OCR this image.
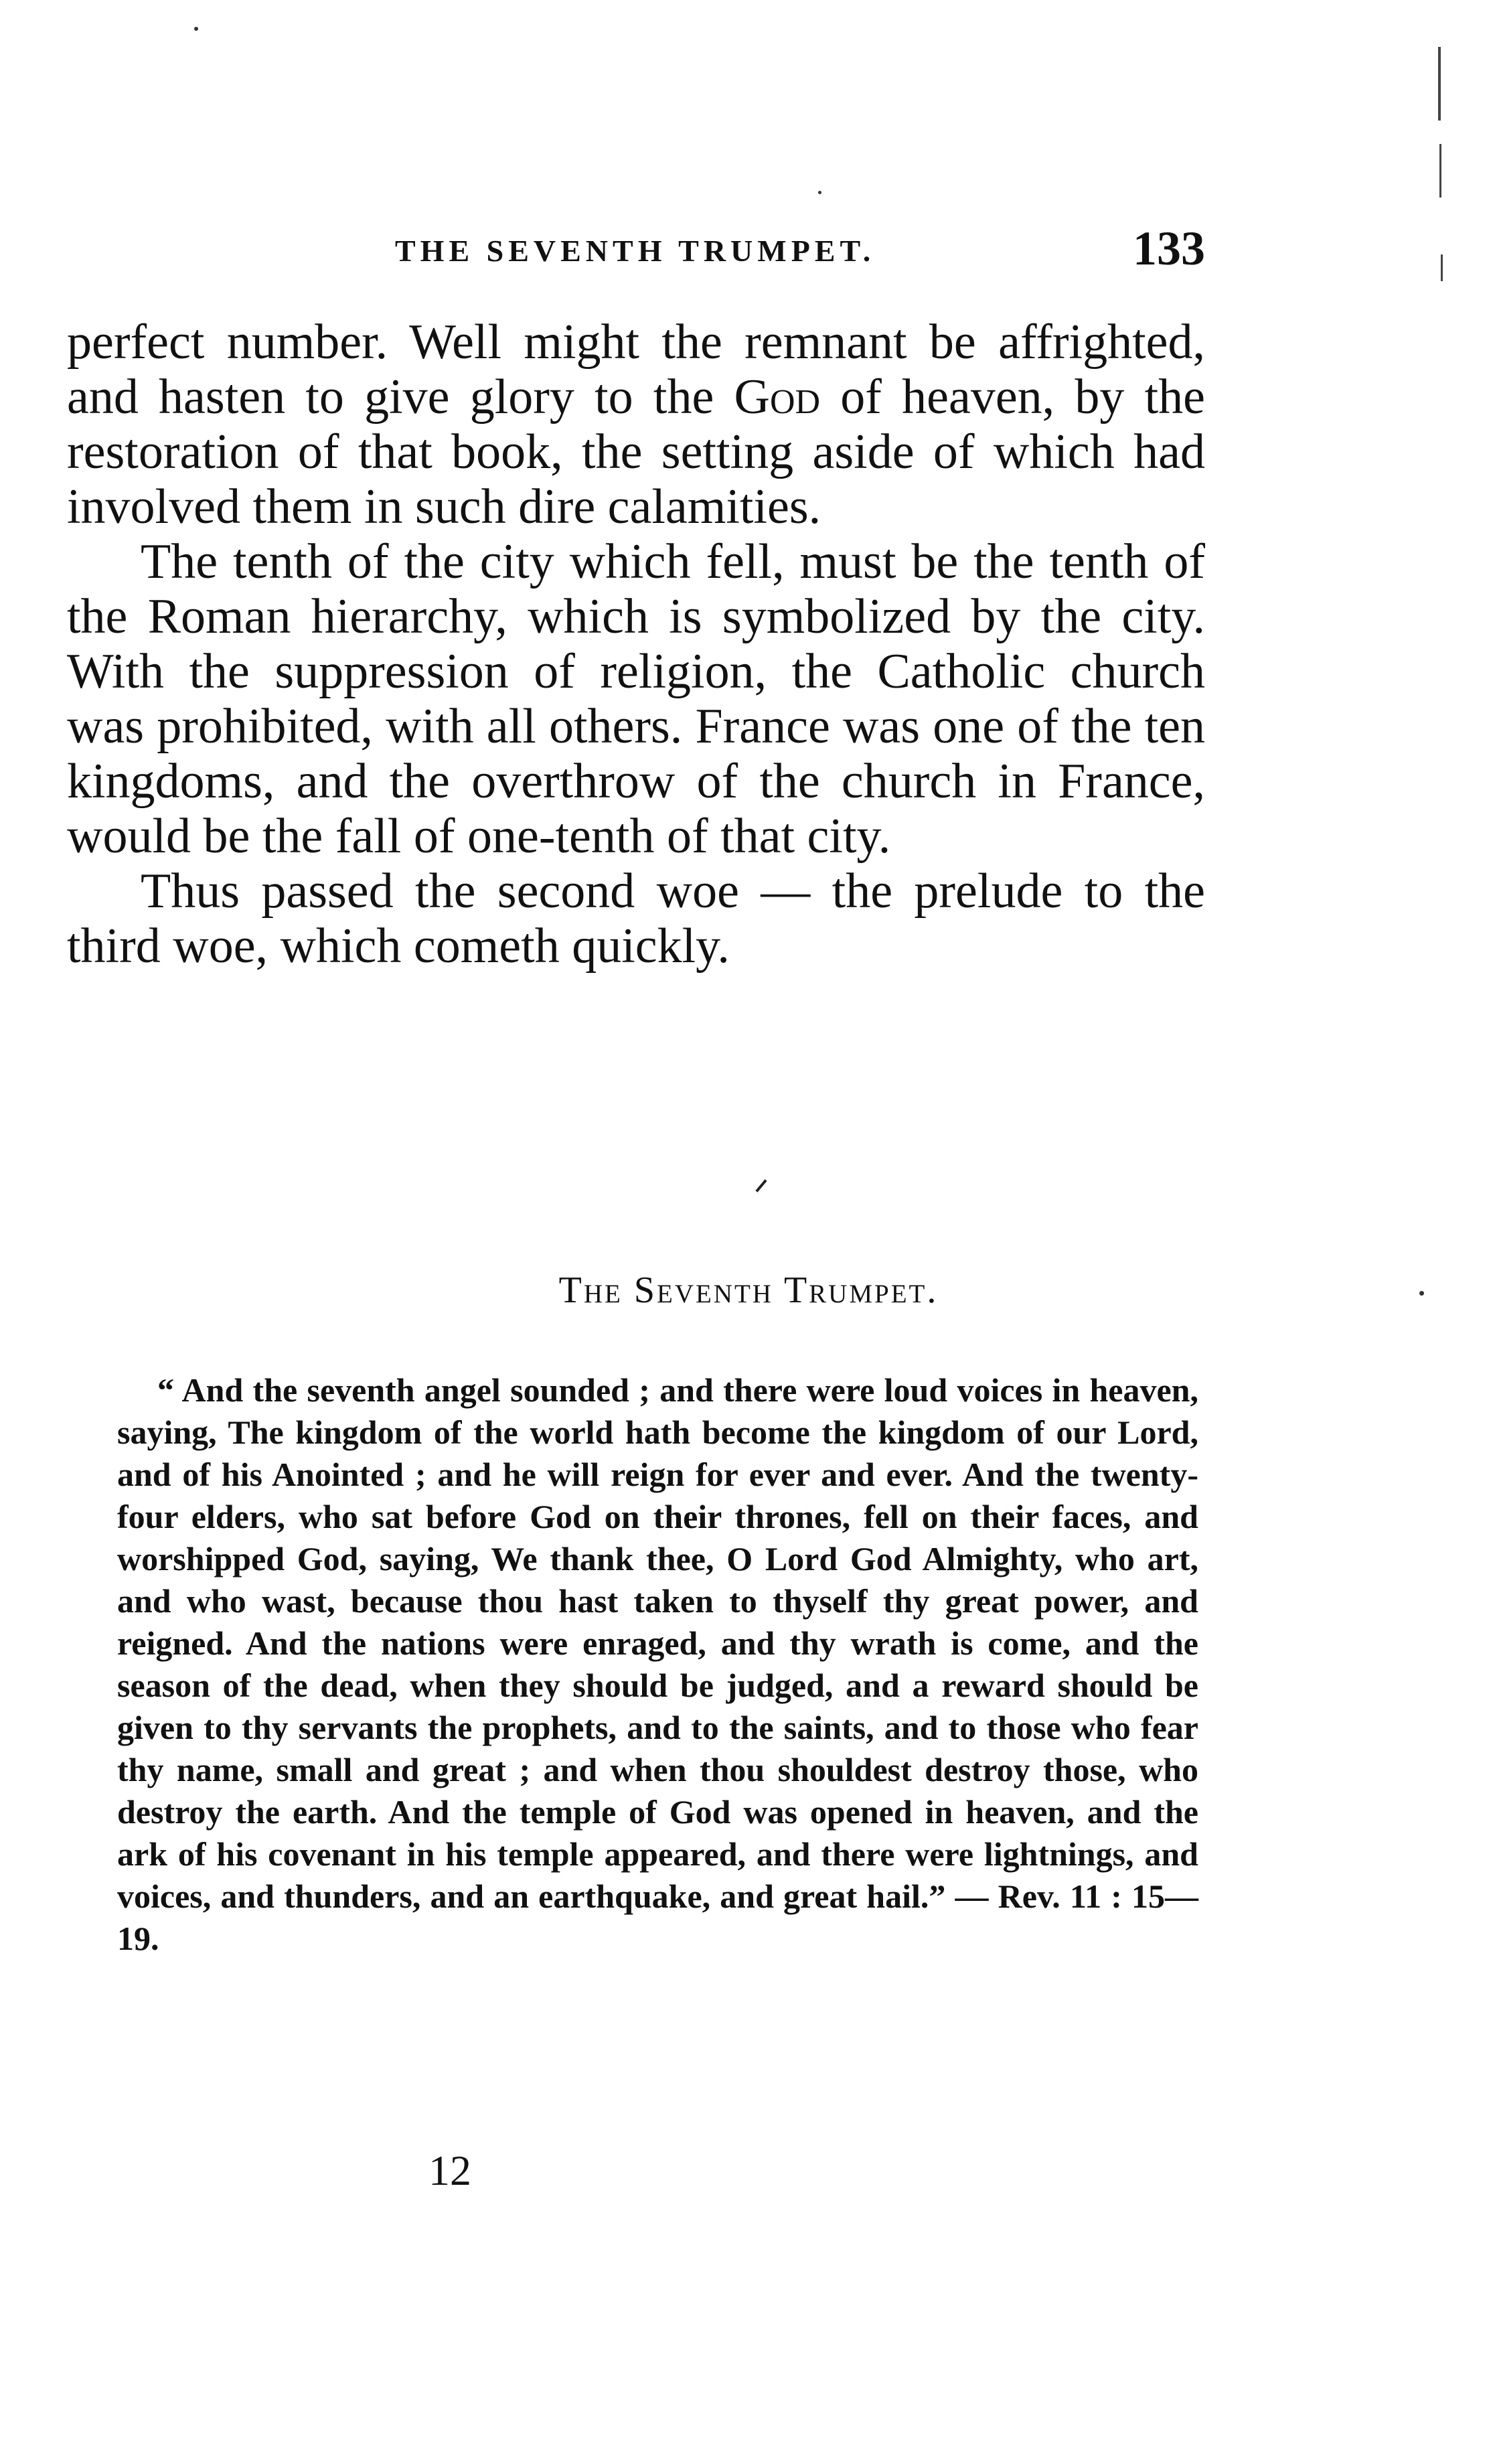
THE SEVENTH TRUMPET.	133

perfect number. Well might the remnant be affrighted, and hasten to give glory to the God of heaven, by the restoration of that book, the setting aside of which had involved them in such dire calamities.

The tenth of the city which fell, must be the tenth of the Roman hierarchy, which is symbolized by the city. With the suppression of religion, the Catholic church was prohibited, with all others. France was one of the ten kingdoms, and the overthrow of the church in France, would be the fall of one-tenth of that city.

Thus passed the second woe — the prelude to the third woe, which cometh quickly.

The Seventh Trumpet.

“ And the seventh angel sounded ; and there were loud voices in heaven, saying, The kingdom of the world hath become the kingdom of our Lord, and of his Anointed ; and he will reign for ever and ever. And the twenty-four elders, who sat before God on their thrones, fell on their faces, and worshipped God, saying, We thank thee, O Lord God Almighty, who art, and who wast, because thou hast taken to thyself thy great power, and reigned. And the nations were enraged, and thy wrath is come, and the season of the dead, when they should be judged, and a reward should be given to thy servants the prophets, and to the saints, and to those who fear thy name, small and great ; and when thou shouldest destroy those, who destroy the earth. And the temple of God was opened in heaven, and the ark of his covenant in his temple appeared, and there were lightnings, and voices, and thunders, and an earthquake, and great hail.” — Rev. 11 : 15—19.

12
